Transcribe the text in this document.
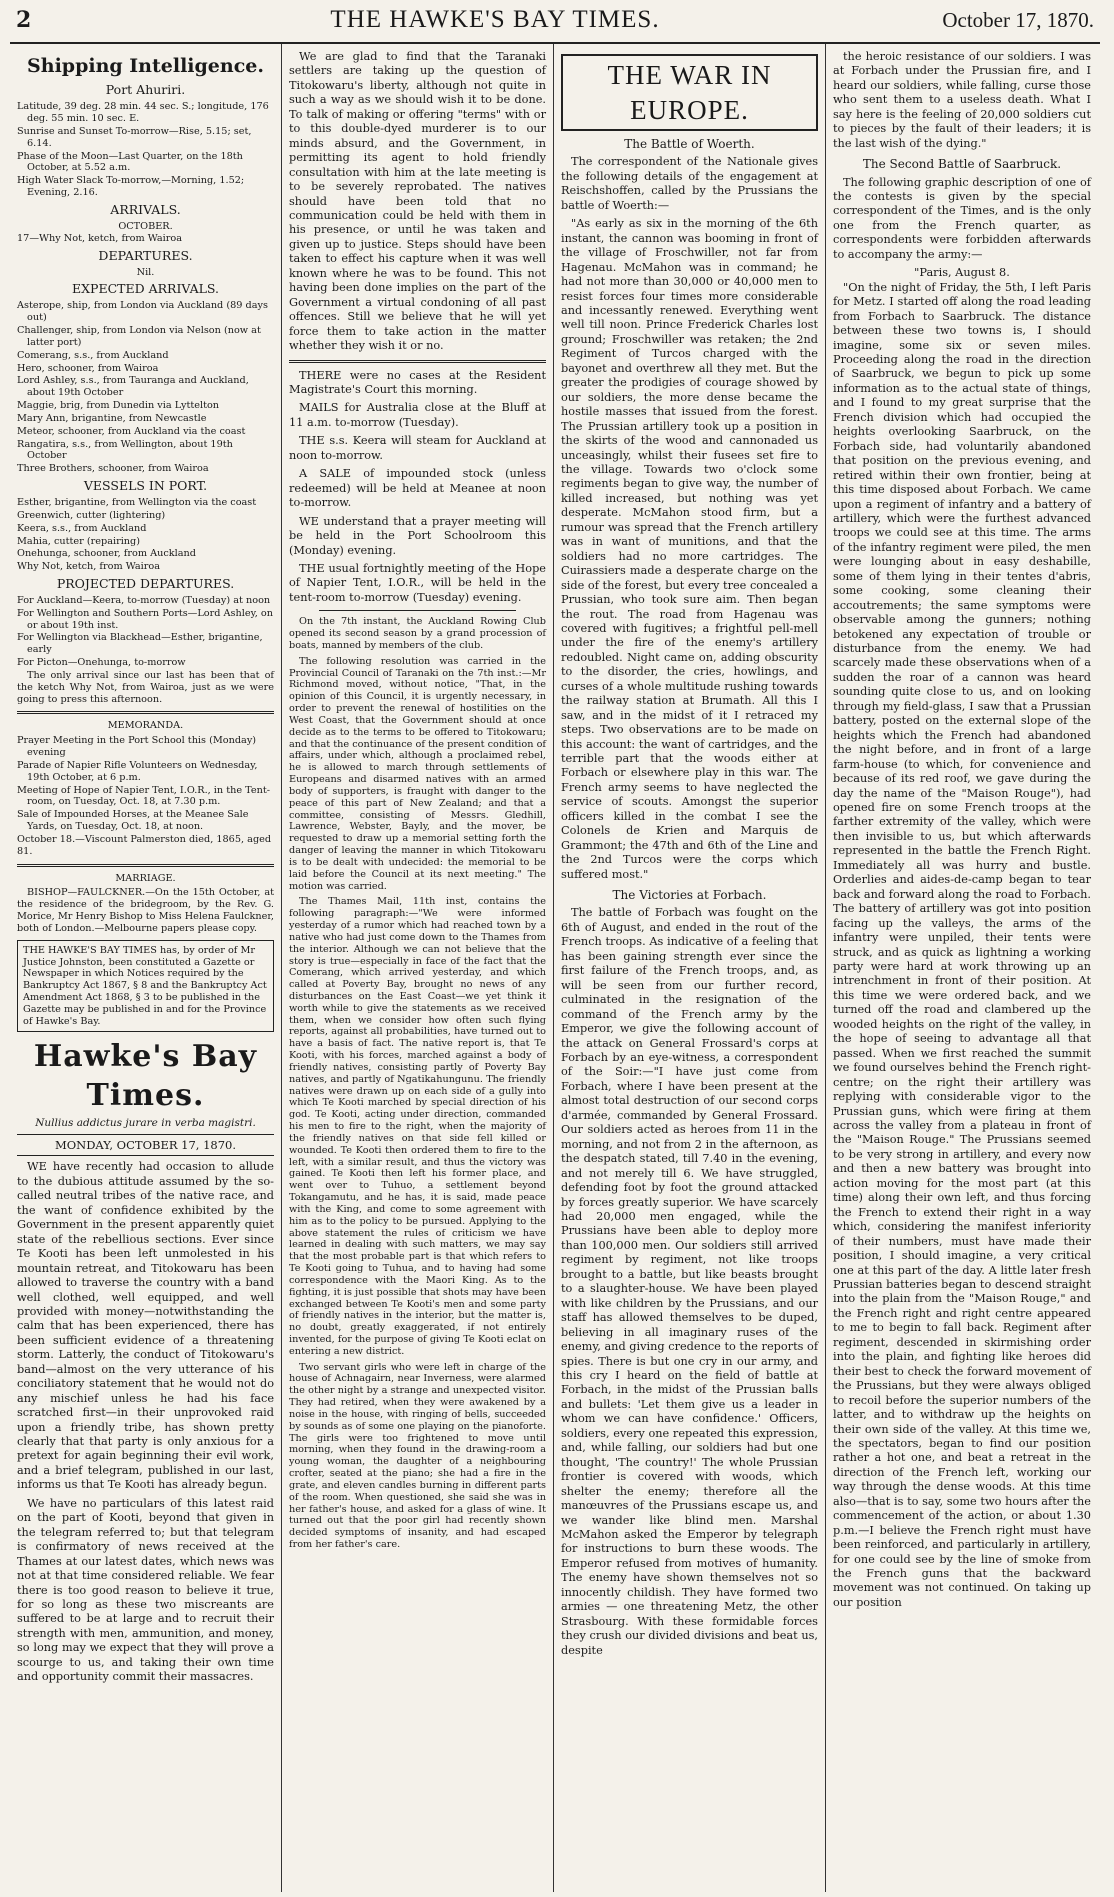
2	THE HAWKE'S BAY TIMES.	October 17, 1870.
Shipping Intelligence.
Port Ahuriri.
Latitude, 39 deg. 28 min. 44 sec. S.; longitude, 176 deg. 55 min. 10 sec. E.
Sunrise and Sunset To-morrow—Rise, 5.15; set, 6.14.
Phase of the Moon—Last Quarter, on the 18th October, at 5.52 a.m.
High Water Slack To-morrow,—Morning, 1.52; Evening, 2.16.
ARRIVALS.
OCTOBER.
17—Why Not, ketch, from Wairoa
DEPARTURES.
Nil.
EXPECTED ARRIVALS.
Asterope, ship, from London via Auckland (89 days out)
Challenger, ship, from London via Nelson (now at latter port)
Comerang, s.s., from Auckland
Hero, schooner, from Wairoa
Lord Ashley, s.s., from Tauranga and Auckland, about 19th October
Maggie, brig, from Dunedin via Lyttelton
Mary Ann, brigantine, from Newcastle
Meteor, schooner, from Auckland via the coast
Rangatira, s.s., from Wellington, about 19th October
Three Brothers, schooner, from Wairoa
VESSELS IN PORT.
Esther, brigantine, from Wellington via the coast
Greenwich, cutter (lightering)
Keera, s.s., from Auckland
Mahia, cutter (repairing)
Onehunga, schooner, from Auckland
Why Not, ketch, from Wairoa
PROJECTED DEPARTURES.
For Auckland—Keera, to-morrow (Tuesday) at noon
For Wellington and Southern Ports—Lord Ashley, on or about 19th inst.
For Wellington via Blackhead—Esther, brigantine, early
For Picton—Onehunga, to-morrow

The only arrival since our last has been that of the ketch Why Not, from Wairoa, just as we were going to press this afternoon.

MEMORANDA.
Prayer Meeting in the Port School this (Monday) evening
Parade of Napier Rifle Volunteers on Wednesday, 19th October, at 6 p.m.
Meeting of Hope of Napier Tent, I.O.R., in the Tent-room, on Tuesday, Oct. 18, at 7.30 p.m.
Sale of Impounded Horses, at the Meanee Sale Yards, on Tuesday, Oct. 18, at noon.
October 18.—Viscount Palmerston died, 1865, aged 81.
MARRIAGE.

BISHOP—FAULCKNER.—On the 15th October, at the residence of the bridegroom, by the Rev. G. Morice, Mr Henry Bishop to Miss Helena Faulckner, both of London.—Melbourne papers please copy.

THE HAWKE'S BAY TIMES has, by order of Mr Justice Johnston, been constituted a Gazette or Newspaper in which Notices required by the Bankruptcy Act 1867, § 8 and the Bankruptcy Act Amendment Act 1868, § 3 to be published in the Gazette may be published in and for the Province of Hawke's Bay.
Hawke's Bay Times.
Nullius addictus jurare in verba magistri.
MONDAY, OCTOBER 17, 1870.

WE have recently had occasion to allude to the dubious attitude assumed by the so-called neutral tribes of the native race, and the want of confidence exhibited by the Government in the present apparently quiet state of the rebellious sections. Ever since Te Kooti has been left unmolested in his mountain retreat, and Titokowaru has been allowed to traverse the country with a band well clothed, well equipped, and well provided with money—notwithstanding the calm that has been experienced, there has been sufficient evidence of a threatening storm. Latterly, the conduct of Titokowaru's band—almost on the very utterance of his conciliatory statement that he would not do any mischief unless he had his face scratched first—in their unprovoked raid upon a friendly tribe, has shown pretty clearly that that party is only anxious for a pretext for again beginning their evil work, and a brief telegram, published in our last, informs us that Te Kooti has already begun.

We have no particulars of this latest raid on the part of Kooti, beyond that given in the telegram referred to; but that telegram is confirmatory of news received at the Thames at our latest dates, which news was not at that time considered reliable. We fear there is too good reason to believe it true, for so long as these two miscreants are suffered to be at large and to recruit their strength with men, ammunition, and money, so long may we expect that they will prove a scourge to us, and taking their own time and opportunity commit their massacres.

We are glad to find that the Taranaki settlers are taking up the question of Titokowaru's liberty, although not quite in such a way as we should wish it to be done. To talk of making or offering "terms" with or to this double-dyed murderer is to our minds absurd, and the Government, in permitting its agent to hold friendly consultation with him at the late meeting is to be severely reprobated. The natives should have been told that no communication could be held with them in his presence, or until he was taken and given up to justice. Steps should have been taken to effect his capture when it was well known where he was to be found. This not having been done implies on the part of the Government a virtual condoning of all past offences. Still we believe that he will yet force them to take action in the matter whether they wish it or no.

THERE were no cases at the Resident Magistrate's Court this morning.

MAILS for Australia close at the Bluff at 11 a.m. to-morrow (Tuesday).

THE s.s. Keera will steam for Auckland at noon to-morrow.

A SALE of impounded stock (unless redeemed) will be held at Meanee at noon to-morrow.

WE understand that a prayer meeting will be held in the Port Schoolroom this (Monday) evening.

THE usual fortnightly meeting of the Hope of Napier Tent, I.O.R., will be held in the tent-room to-morrow (Tuesday) evening.

On the 7th instant, the Auckland Rowing Club opened its second season by a grand procession of boats, manned by members of the club.

The following resolution was carried in the Provincial Council of Taranaki on the 7th inst.:—Mr Richmond moved, without notice, "That, in the opinion of this Council, it is urgently necessary, in order to prevent the renewal of hostilities on the West Coast, that the Government should at once decide as to the terms to be offered to Titokowaru; and that the continuance of the present condition of affairs, under which, although a proclaimed rebel, he is allowed to march through settlements of Europeans and disarmed natives with an armed body of supporters, is fraught with danger to the peace of this part of New Zealand; and that a committee, consisting of Messrs. Gledhill, Lawrence, Webster, Bayly, and the mover, be requested to draw up a memorial setting forth the danger of leaving the manner in which Titokowaru is to be dealt with undecided: the memorial to be laid before the Council at its next meeting." The motion was carried.

The Thames Mail, 11th inst, contains the following paragraph:—"We were informed yesterday of a rumor which had reached town by a native who had just come down to the Thames from the interior. Although we can not believe that the story is true—especially in face of the fact that the Comerang, which arrived yesterday, and which called at Poverty Bay, brought no news of any disturbances on the East Coast—we yet think it worth while to give the statements as we received them, when we consider how often such flying reports, against all probabilities, have turned out to have a basis of fact. The native report is, that Te Kooti, with his forces, marched against a body of friendly natives, consisting partly of Poverty Bay natives, and partly of Ngatikahungunu. The friendly natives were drawn up on each side of a gully into which Te Kooti marched by special direction of his god. Te Kooti, acting under direction, commanded his men to fire to the right, when the majority of the friendly natives on that side fell killed or wounded. Te Kooti then ordered them to fire to the left, with a similar result, and thus the victory was gained. Te Kooti then left his former place, and went over to Tuhuo, a settlement beyond Tokangamutu, and he has, it is said, made peace with the King, and come to some agreement with him as to the policy to be pursued. Applying to the above statement the rules of criticism we have learned in dealing with such matters, we may say that the most probable part is that which refers to Te Kooti going to Tuhua, and to having had some correspondence with the Maori King. As to the fighting, it is just possible that shots may have been exchanged between Te Kooti's men and some party of friendly natives in the interior, but the matter is, no doubt, greatly exaggerated, if not entirely invented, for the purpose of giving Te Kooti eclat on entering a new district.

Two servant girls who were left in charge of the house of Achnagairn, near Inverness, were alarmed the other night by a strange and unexpected visitor. They had retired, when they were awakened by a noise in the house, with ringing of bells, succeeded by sounds as of some one playing on the pianoforte. The girls were too frightened to move until morning, when they found in the drawing-room a young woman, the daughter of a neighbouring crofter, seated at the piano; she had a fire in the grate, and eleven candles burning in different parts of the room. When questioned, she said she was in her father's house, and asked for a glass of wine. It turned out that the poor girl had recently shown decided symptoms of insanity, and had escaped from her father's care.

THE WAR IN EUROPE.
The Battle of Woerth.

The correspondent of the Nationale gives the following details of the engagement at Reischshoffen, called by the Prussians the battle of Woerth:—

"As early as six in the morning of the 6th instant, the cannon was booming in front of the village of Froschwiller, not far from Hagenau. McMahon was in command; he had not more than 30,000 or 40,000 men to resist forces four times more considerable and incessantly renewed. Everything went well till noon. Prince Frederick Charles lost ground; Froschwiller was retaken; the 2nd Regiment of Turcos charged with the bayonet and overthrew all they met. But the greater the prodigies of courage showed by our soldiers, the more dense became the hostile masses that issued from the forest. The Prussian artillery took up a position in the skirts of the wood and cannonaded us unceasingly, whilst their fusees set fire to the village. Towards two o'clock some regiments began to give way, the number of killed increased, but nothing was yet desperate. McMahon stood firm, but a rumour was spread that the French artillery was in want of munitions, and that the soldiers had no more cartridges. The Cuirassiers made a desperate charge on the side of the forest, but every tree concealed a Prussian, who took sure aim. Then began the rout. The road from Hagenau was covered with fugitives; a frightful pell-mell under the fire of the enemy's artillery redoubled. Night came on, adding obscurity to the disorder, the cries, howlings, and curses of a whole multitude rushing towards the railway station at Brumath. All this I saw, and in the midst of it I retraced my steps. Two observations are to be made on this account: the want of cartridges, and the terrible part that the woods either at Forbach or elsewhere play in this war. The French army seems to have neglected the service of scouts. Amongst the superior officers killed in the combat I see the Colonels de Krien and Marquis de Grammont; the 47th and 6th of the Line and the 2nd Turcos were the corps which suffered most."

The Victories at Forbach.

The battle of Forbach was fought on the 6th of August, and ended in the rout of the French troops. As indicative of a feeling that has been gaining strength ever since the first failure of the French troops, and, as will be seen from our further record, culminated in the resignation of the command of the French army by the Emperor, we give the following account of the attack on General Frossard's corps at Forbach by an eye-witness, a correspondent of the Soir:—"I have just come from Forbach, where I have been present at the almost total destruction of our second corps d'armée, commanded by General Frossard. Our soldiers acted as heroes from 11 in the morning, and not from 2 in the afternoon, as the despatch stated, till 7.40 in the evening, and not merely till 6. We have struggled, defending foot by foot the ground attacked by forces greatly superior. We have scarcely had 20,000 men engaged, while the Prussians have been able to deploy more than 100,000 men. Our soldiers still arrived regiment by regiment, not like troops brought to a battle, but like beasts brought to a slaughter-house. We have been played with like children by the Prussians, and our staff has allowed themselves to be duped, believing in all imaginary ruses of the enemy, and giving credence to the reports of spies. There is but one cry in our army, and this cry I heard on the field of battle at Forbach, in the midst of the Prussian balls and bullets: 'Let them give us a leader in whom we can have confidence.' Officers, soldiers, every one repeated this expression, and, while falling, our soldiers had but one thought, 'The country!' The whole Prussian frontier is covered with woods, which shelter the enemy; therefore all the manœuvres of the Prussians escape us, and we wander like blind men. Marshal McMahon asked the Emperor by telegraph for instructions to burn these woods. The Emperor refused from motives of humanity. The enemy have shown themselves not so innocently childish. They have formed two armies — one threatening Metz, the other Strasbourg. With these formidable forces they crush our divided divisions and beat us, despite

the heroic resistance of our soldiers. I was at Forbach under the Prussian fire, and I heard our soldiers, while falling, curse those who sent them to a useless death. What I say here is the feeling of 20,000 soldiers cut to pieces by the fault of their leaders; it is the last wish of the dying."

The Second Battle of Saarbruck.

The following graphic description of one of the contests is given by the special correspondent of the Times, and is the only one from the French quarter, as correspondents were forbidden afterwards to accompany the army:—

"Paris, August 8.

"On the night of Friday, the 5th, I left Paris for Metz. I started off along the road leading from Forbach to Saarbruck. The distance between these two towns is, I should imagine, some six or seven miles. Proceeding along the road in the direction of Saarbruck, we begun to pick up some information as to the actual state of things, and I found to my great surprise that the French division which had occupied the heights overlooking Saarbruck, on the Forbach side, had voluntarily abandoned that position on the previous evening, and retired within their own frontier, being at this time disposed about Forbach. We came upon a regiment of infantry and a battery of artillery, which were the furthest advanced troops we could see at this time. The arms of the infantry regiment were piled, the men were lounging about in easy deshabille, some of them lying in their tentes d'abris, some cooking, some cleaning their accoutrements; the same symptoms were observable among the gunners; nothing betokened any expectation of trouble or disturbance from the enemy. We had scarcely made these observations when of a sudden the roar of a cannon was heard sounding quite close to us, and on looking through my field-glass, I saw that a Prussian battery, posted on the external slope of the heights which the French had abandoned the night before, and in front of a large farm-house (to which, for convenience and because of its red roof, we gave during the day the name of the "Maison Rouge"), had opened fire on some French troops at the farther extremity of the valley, which were then invisible to us, but which afterwards represented in the battle the French Right. Immediately all was hurry and bustle. Orderlies and aides-de-camp began to tear back and forward along the road to Forbach. The battery of artillery was got into position facing up the valleys, the arms of the infantry were unpiled, their tents were struck, and as quick as lightning a working party were hard at work throwing up an intrenchment in front of their position. At this time we were ordered back, and we turned off the road and clambered up the wooded heights on the right of the valley, in the hope of seeing to advantage all that passed. When we first reached the summit we found ourselves behind the French right-centre; on the right their artillery was replying with considerable vigor to the Prussian guns, which were firing at them across the valley from a plateau in front of the "Maison Rouge." The Prussians seemed to be very strong in artillery, and every now and then a new battery was brought into action moving for the most part (at this time) along their own left, and thus forcing the French to extend their right in a way which, considering the manifest inferiority of their numbers, must have made their position, I should imagine, a very critical one at this part of the day. A little later fresh Prussian batteries began to descend straight into the plain from the "Maison Rouge," and the French right and right centre appeared to me to begin to fall back. Regiment after regiment, descended in skirmishing order into the plain, and fighting like heroes did their best to check the forward movement of the Prussians, but they were always obliged to recoil before the superior numbers of the latter, and to withdraw up the heights on their own side of the valley. At this time we, the spectators, began to find our position rather a hot one, and beat a retreat in the direction of the French left, working our way through the dense woods. At this time also—that is to say, some two hours after the commencement of the action, or about 1.30 p.m.—I believe the French right must have been reinforced, and particularly in artillery, for one could see by the line of smoke from the French guns that the backward movement was not continued. On taking up our position
